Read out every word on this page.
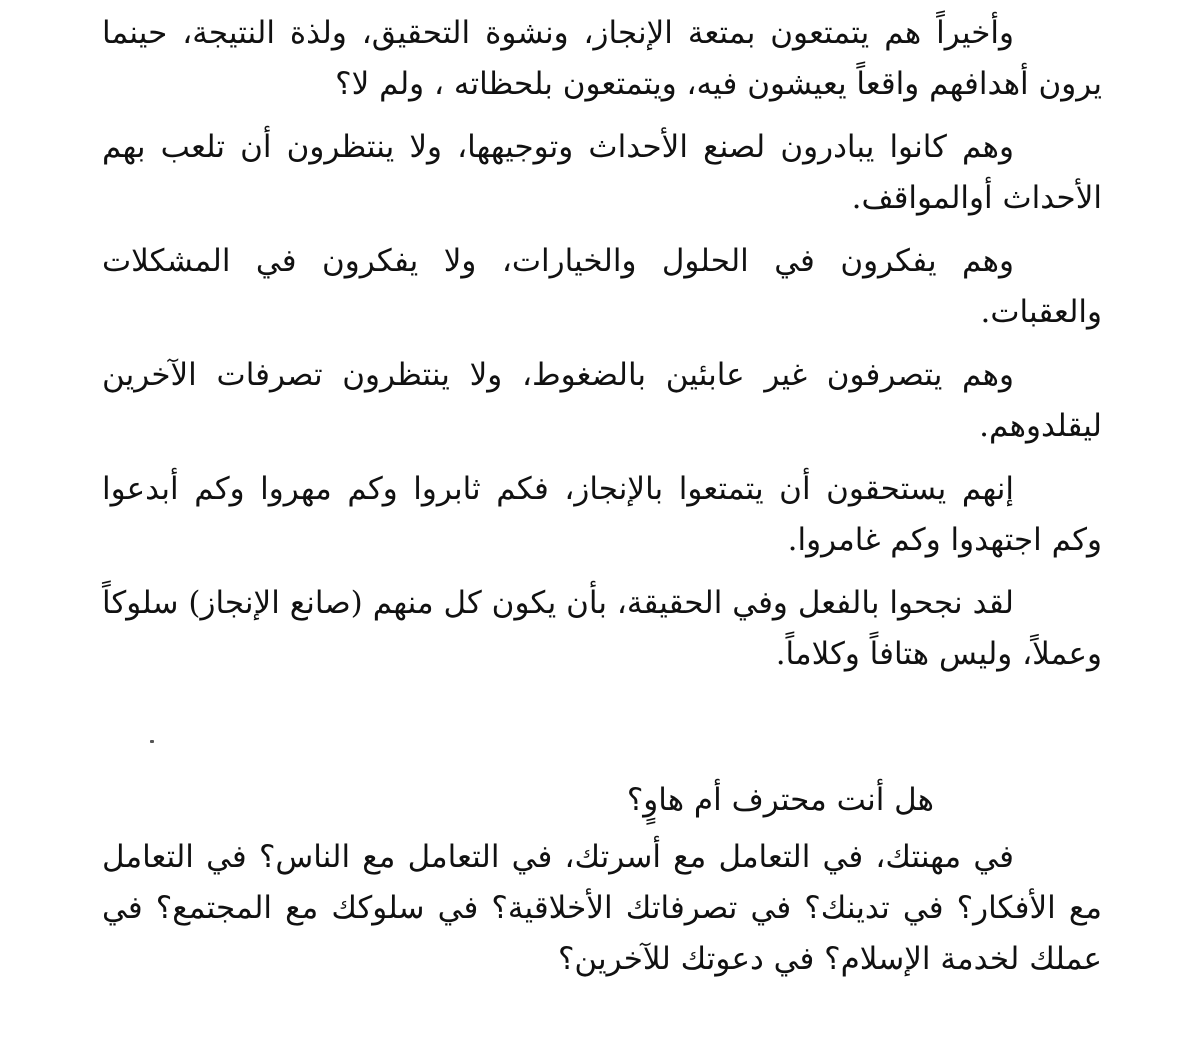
وأخيراً هم يتمتعون بمتعة الإنجاز، ونشوة التحقيق، ولذة النتيجة، حينما يرون أهدافهم واقعاً يعيشون فيه، ويتمتعون بلحظاته ، ولم لا؟

وهم كانوا يبادرون لصنع الأحداث وتوجيهها، ولا ينتظرون أن تلعب بهم الأحداث أوالمواقف.

وهم يفكرون في الحلول والخيارات، ولا يفكرون في المشكلات والعقبات.

وهم يتصرفون غير عابئين بالضغوط، ولا ينتظرون تصرفات الآخرين ليقلدوهم.

إنهم يستحقون أن يتمتعوا بالإنجاز، فكم ثابروا وكم مهروا وكم أبدعوا وكم اجتهدوا وكم غامروا.

لقد نجحوا بالفعل وفي الحقيقة، بأن يكون كل منهم (صانع الإنجاز) سلوكاً وعملاً، وليس هتافاً وكلاماً.

هل أنت محترف أم هاوٍ؟

في مهنتك، في التعامل مع أسرتك، في التعامل مع الناس؟ في التعامل مع الأفكار؟ في تدينك؟ في تصرفاتك الأخلاقية؟ في سلوكك مع المجتمع؟ في عملك لخدمة الإسلام؟ في دعوتك للآخرين؟
